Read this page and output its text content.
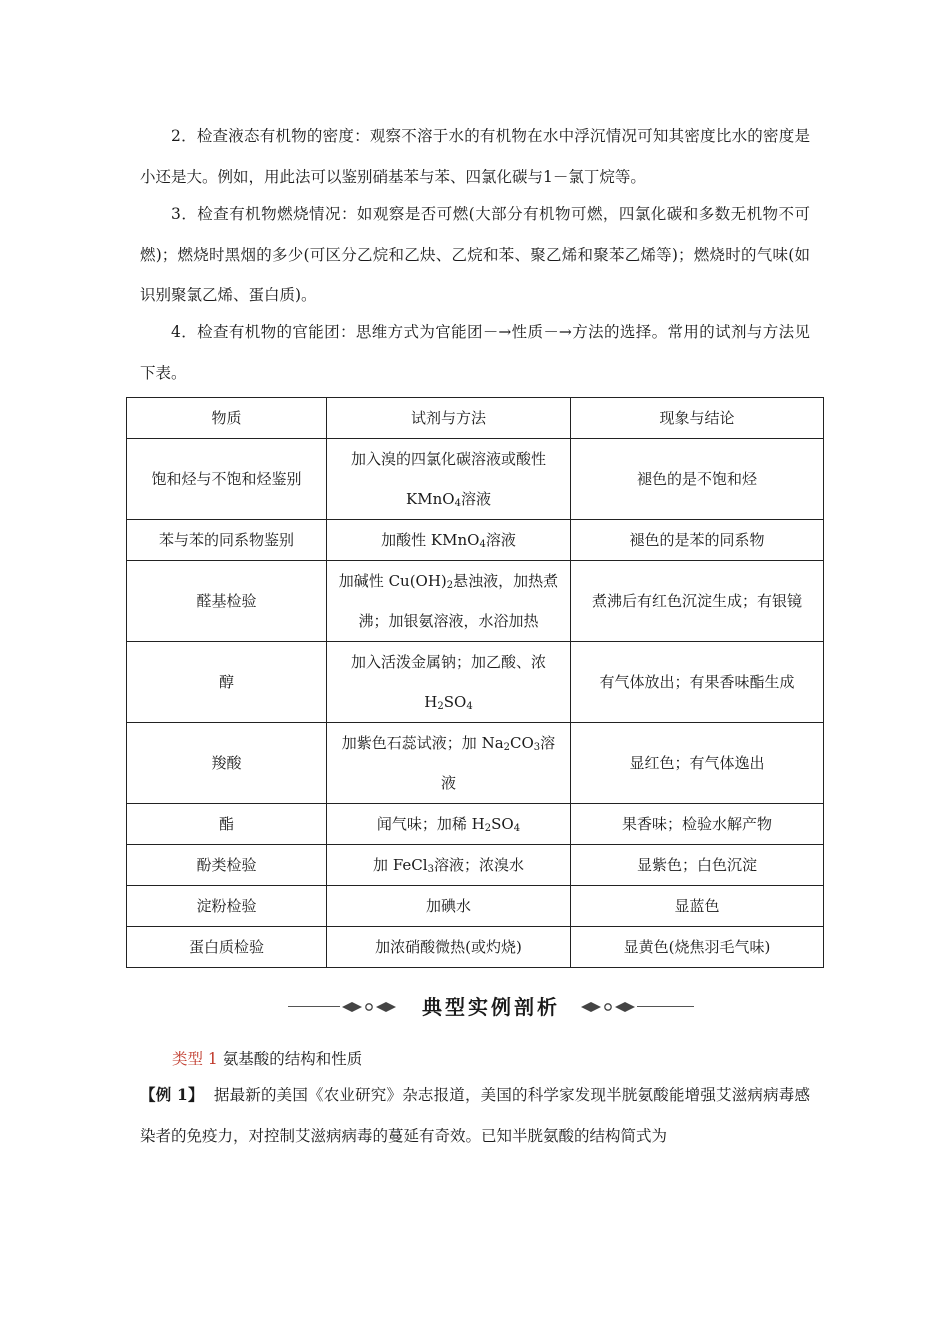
2．检查液态有机物的密度：观察不溶于水的有机物在水中浮沉情况可知其密度比水的密度是小还是大。例如，用此法可以鉴别硝基苯与苯、四氯化碳与1－氯丁烷等。

3．检查有机物燃烧情况：如观察是否可燃(大部分有机物可燃，四氯化碳和多数无机物不可燃)；燃烧时黑烟的多少(可区分乙烷和乙炔、乙烷和苯、聚乙烯和聚苯乙烯等)；燃烧时的气味(如识别聚氯乙烯、蛋白质)。

4．检查有机物的官能团：思维方式为官能团－→性质－→方法的选择。常用的试剂与方法见下表。

物质	试剂与方法	现象与结论
饱和烃与不饱和烃鉴别	加入溴的四氯化碳溶液或酸性KMnO$_4$溶液	褪色的是不饱和烃
苯与苯的同系物鉴别	加酸性 KMnO$_4$溶液	褪色的是苯的同系物
醛基检验	加碱性 $Cu(OH)_2$悬浊液，加热煮沸；加银氨溶液，水浴加热	煮沸后有红色沉淀生成；有银镜
醇	加入活泼金属钠；加乙酸、浓$H_2SO_4$	有气体放出；有果香味酯生成
羧酸	加紫色石蕊试液；加 $Na_2CO_3$溶液	显红色；有气体逸出
酯	闻气味；加稀 $H_2SO_4$	果香味；检验水解产物
酚类检验	加 FeCl$_3$溶液；浓溴水	显紫色；白色沉淀
淀粉检验	加碘水	显蓝色
蛋白质检验	加浓硝酸微热(或灼烧)	显黄色(烧焦羽毛气味)
典型实例剖析
类型 1 氨基酸的结构和性质

【例 1】 据最新的美国《农业研究》杂志报道，美国的科学家发现半胱氨酸能增强艾滋病病毒感染者的免疫力，对控制艾滋病病毒的蔓延有奇效。已知半胱氨酸的结构简式为
